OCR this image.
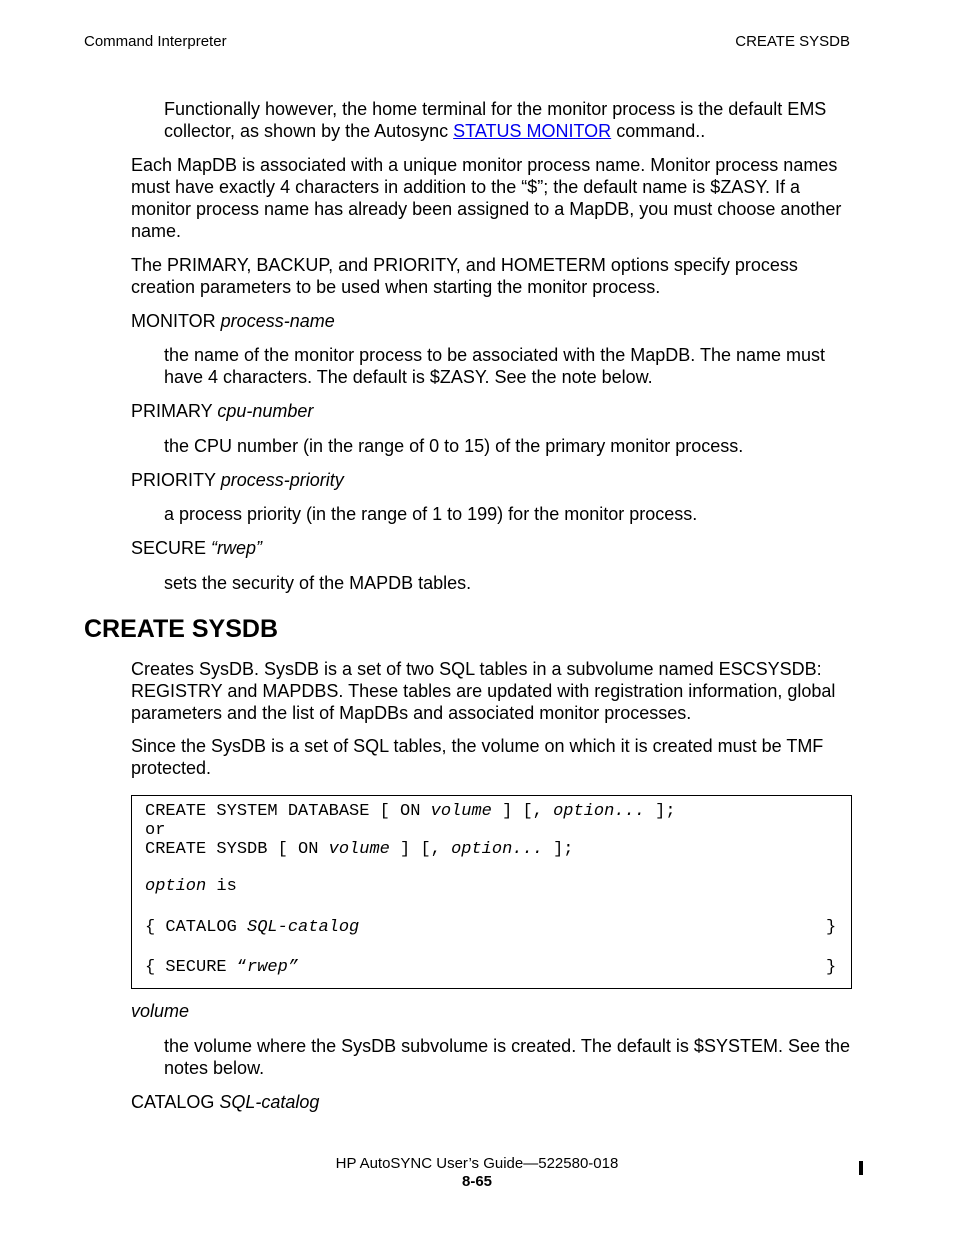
Command Interpreter	CREATE SYSDB
Functionally however, the home terminal for the monitor process is the default EMS collector, as shown by the Autosync STATUS MONITOR command..
Each MapDB is associated with a unique monitor process name. Monitor process names must have exactly 4 characters in addition to the “$”; the default name is $ZASY. If a monitor process name has already been assigned to a MapDB, you must choose another name.
The PRIMARY, BACKUP, and PRIORITY, and HOMETERM options specify process creation parameters to be used when starting the monitor process.
MONITOR process-name
the name of the monitor process to be associated with the MapDB. The name must have 4 characters. The default is $ZASY. See the note below.
PRIMARY cpu-number
the CPU number (in the range of 0 to 15) of the primary monitor process.
PRIORITY process-priority
a process priority (in the range of 1 to 199) for the monitor process.
SECURE “rwep”
sets the security of the MAPDB tables.
CREATE SYSDB
Creates SysDB. SysDB is a set of two SQL tables in a subvolume named ESCSYSDB: REGISTRY and MAPDBS. These tables are updated with registration information, global parameters and the list of MapDBs and associated monitor processes.
Since the SysDB is a set of SQL tables, the volume on which it is created must be TMF protected.
CREATE SYSTEM DATABASE [ ON volume ] [, option... ];
or
CREATE SYSDB [ ON volume ] [, option... ];
option is
{ CATALOG SQL-catalog	}
{ SECURE “rwep”	}
volume
the volume where the SysDB subvolume is created. The default is $SYSTEM. See the notes below.
CATALOG SQL-catalog
HP AutoSYNC User’s Guide—522580-018
8-65
